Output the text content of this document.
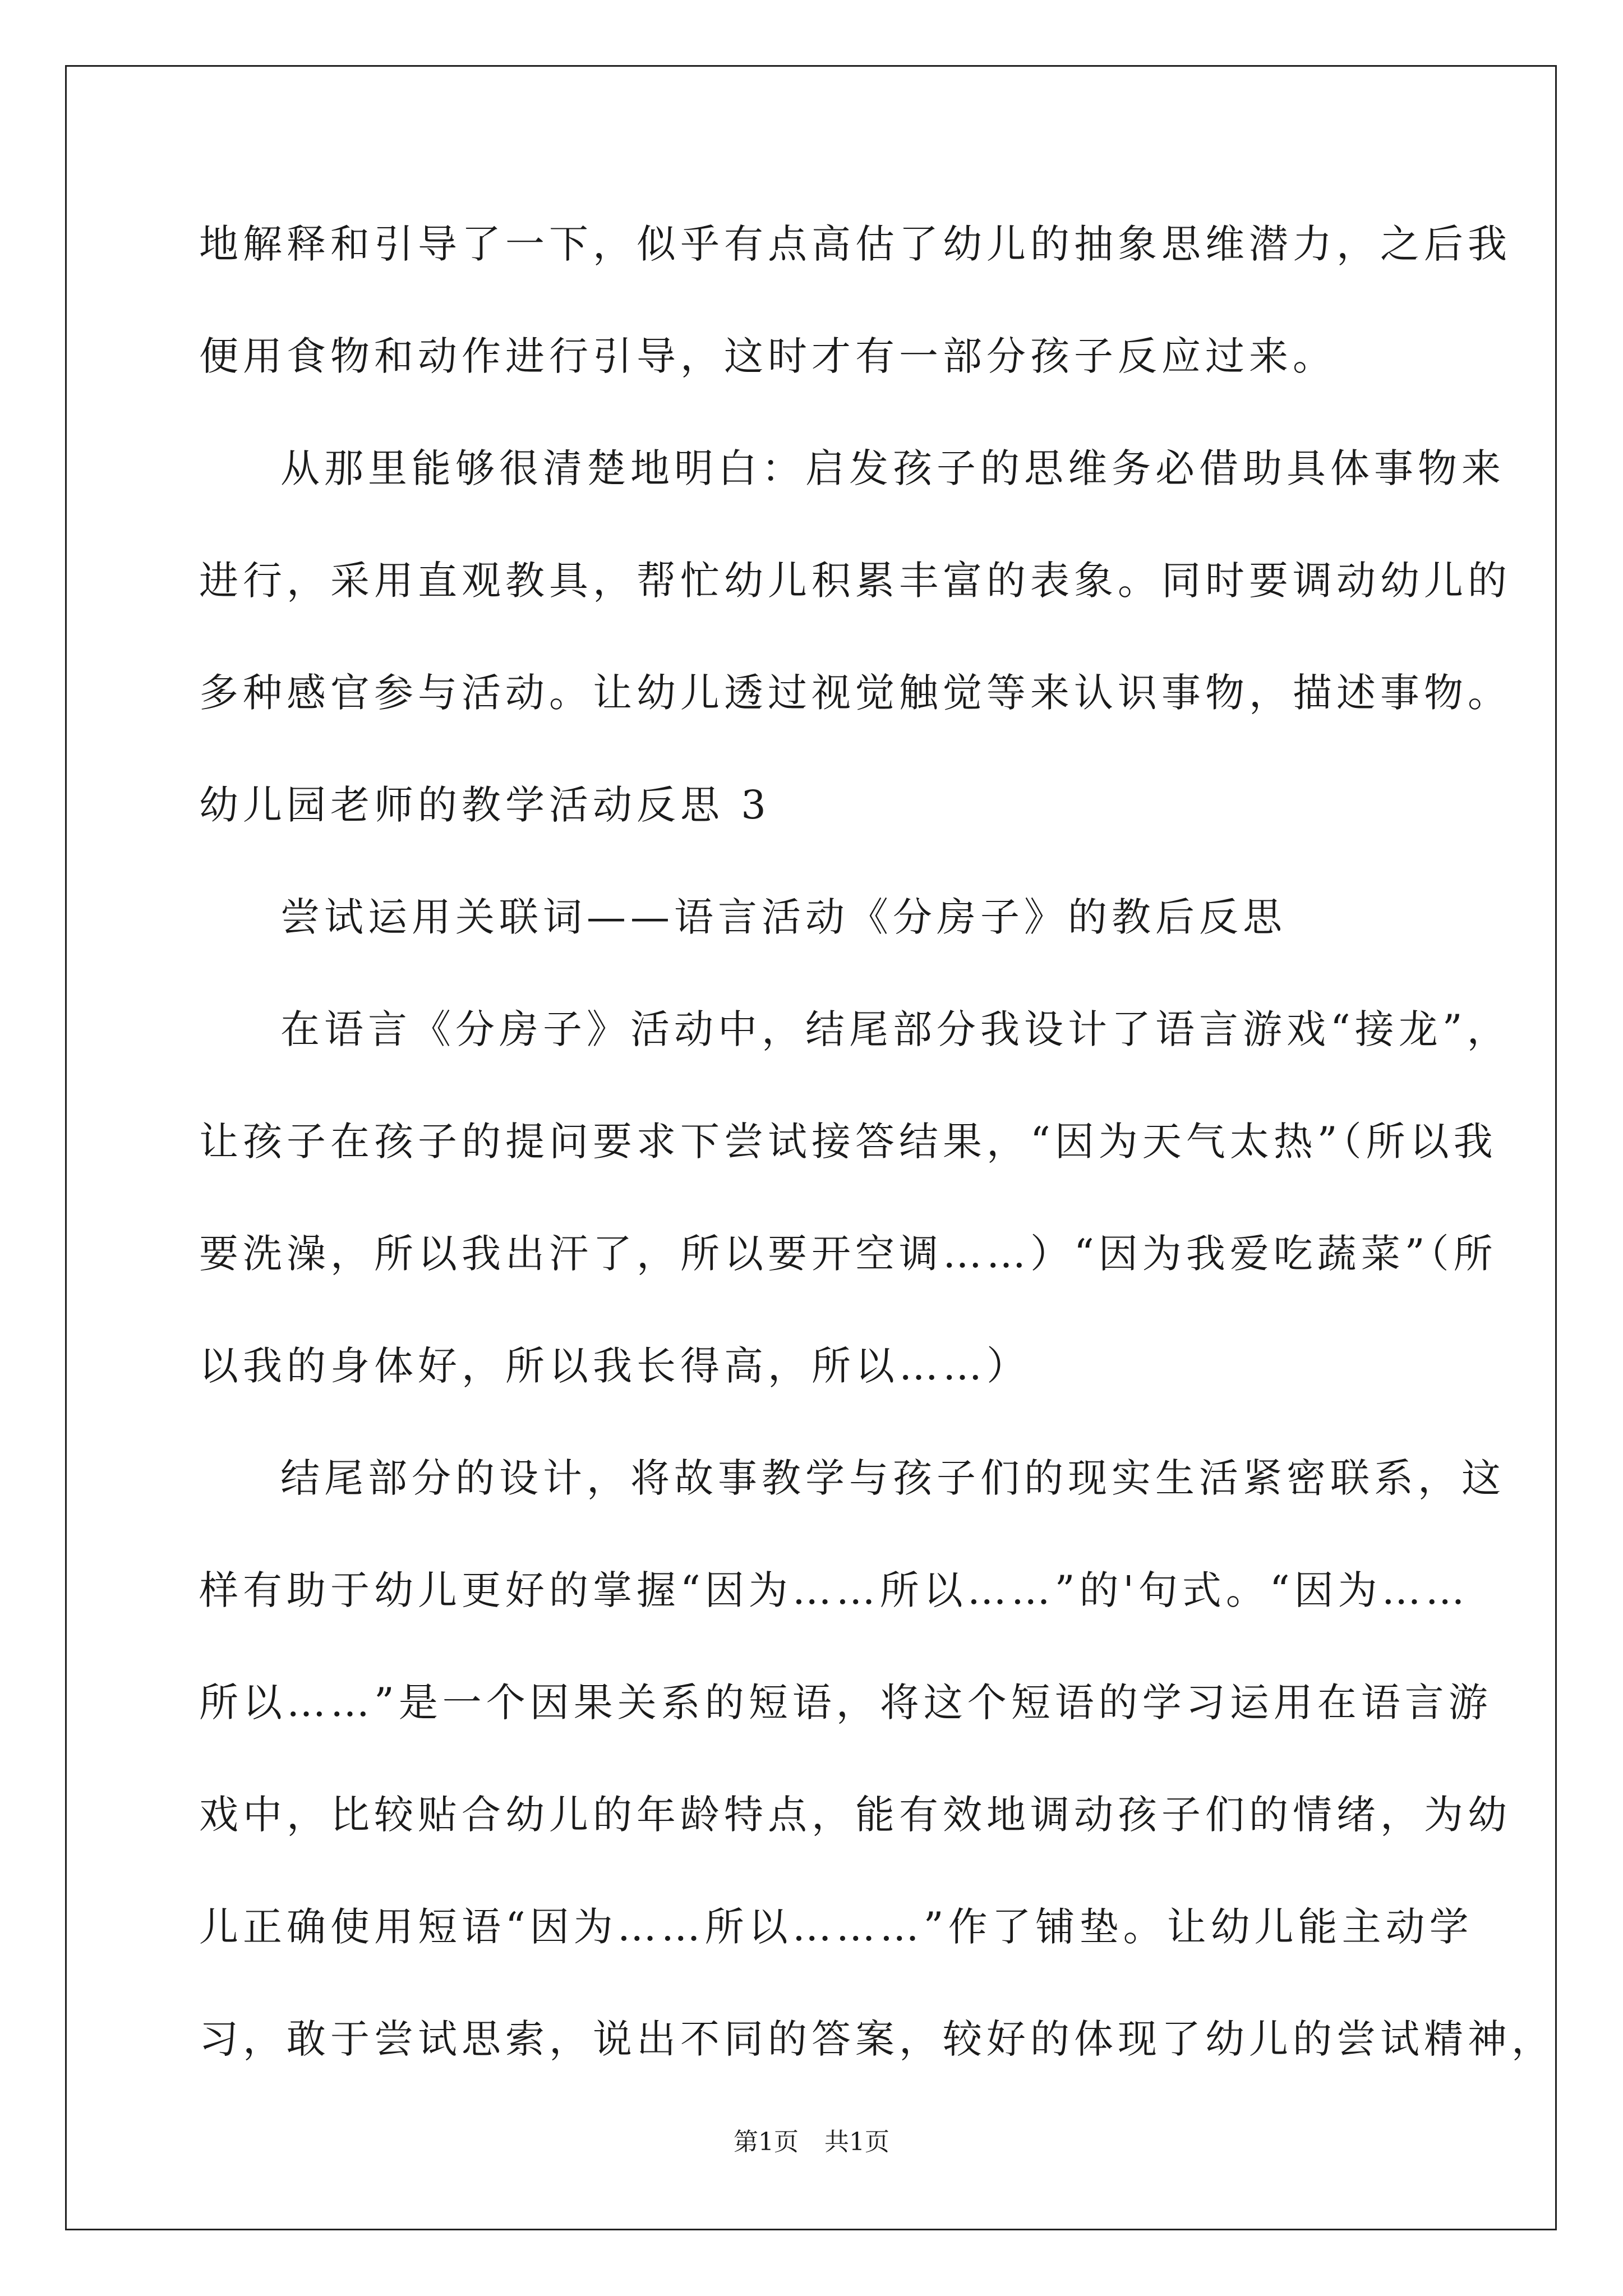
地解释和引导了一下，似乎有点高估了幼儿的抽象思维潜力，之后我
便用食物和动作进行引导，这时才有一部分孩子反应过来。
从那里能够很清楚地明白：启发孩子的思维务必借助具体事物来
进行，采用直观教具，帮忙幼儿积累丰富的表象。同时要调动幼儿的
多种感官参与活动。让幼儿透过视觉触觉等来认识事物，描述事物。
幼儿园老师的教学活动反思 3
尝试运用关联词——语言活动《分房子》的教后反思
在语言《分房子》活动中，结尾部分我设计了语言游戏“接龙”，
让孩子在孩子的提问要求下尝试接答结果，“因为天气太热”（所以我
要洗澡，所以我出汗了，所以要开空调……）“因为我爱吃蔬菜”（所
以我的身体好，所以我长得高，所以……）
结尾部分的设计，将故事教学与孩子们的现实生活紧密联系，这
样有助于幼儿更好的掌握“因为……所以……”的'句式。“因为……
所以……”是一个因果关系的短语，将这个短语的学习运用在语言游
戏中，比较贴合幼儿的年龄特点，能有效地调动孩子们的情绪，为幼
儿正确使用短语“因为……所以………”作了铺垫。让幼儿能主动学
习，敢于尝试思索，说出不同的答案，较好的体现了幼儿的尝试精神，
第1页 共1页
